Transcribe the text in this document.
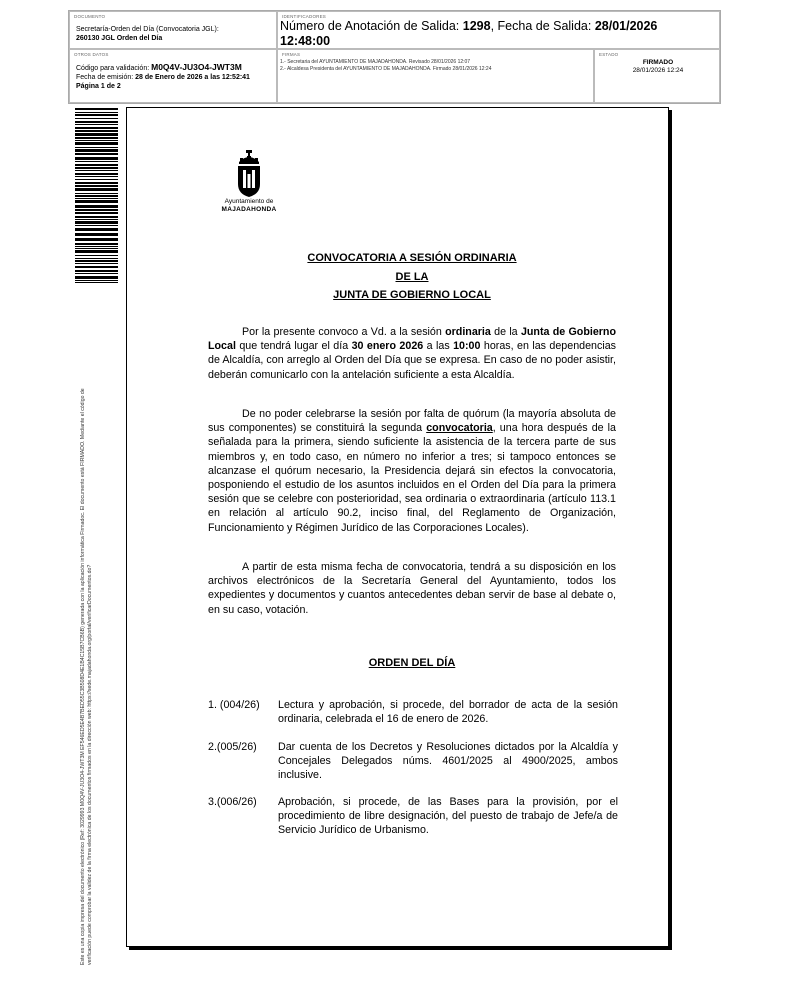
DOCUMENTO
Secretaría-Orden del Día (Convocatoria JGL):
260130 JGL Orden del Día
IDENTIFICADORES
Número de Anotación de Salida: 1298, Fecha de Salida: 28/01/2026
12:48:00
OTROS DATOS
Código para validación: M0Q4V-JU3O4-JWT3M
Fecha de emisión: 28 de Enero de 2026 a las 12:52:41
Página 1 de 2
FIRMAS
1.- Secretaria del AYUNTAMIENTO DE MAJADAHONDA. Revisado 28/01/2026 12:07
2.- Alcaldesa Presidenta del AYUNTAMIENTO DE MAJADAHONDA. Firmado 28/01/2026 12:24
ESTADO
FIRMADO
28/01/2026 12:24
Este es una copia impresa del documento electrónico (Ref: 3029993 M0Q4V-JU3O4-JWT3M EF546ED5E4B7BED55C3B508D4E1B4C15B7CB6B) generada con la aplicación informática Firmadoc. El documento está FIRMADO. Mediante el código de verificación puede comprobar la validez de la firma electrónica de los documentos firmados en la dirección web: https://sede.majadahonda.org/portal/verificarDocumentos.do?
Ayuntamiento de
MAJADAHONDA
CONVOCATORIA A SESIÓN ORDINARIA
DE LA
JUNTA DE GOBIERNO LOCAL
Por la presente convoco a Vd. a la sesión ordinaria de la Junta de Gobierno Local que tendrá lugar el día 30 enero 2026 a las 10:00 horas, en las dependencias de Alcaldía, con arreglo al Orden del Día que se expresa. En caso de no poder asistir, deberán comunicarlo con la antelación suficiente a esta Alcaldía.
De no poder celebrarse la sesión por falta de quórum (la mayoría absoluta de sus componentes) se constituirá la segunda convocatoria, una hora después de la señalada para la primera, siendo suficiente la asistencia de la tercera parte de sus miembros y, en todo caso, en número no inferior a tres; si tampoco entonces se alcanzase el quórum necesario, la Presidencia dejará sin efectos la convocatoria, posponiendo el estudio de los asuntos incluidos en el Orden del Día para la primera sesión que se celebre con posterioridad, sea ordinaria o extraordinaria (artículo 113.1 en relación al artículo 90.2, inciso final, del Reglamento de Organización, Funcionamiento y Régimen Jurídico de las Corporaciones Locales).
A partir de esta misma fecha de convocatoria, tendrá a su disposición en los archivos electrónicos de la Secretaría General del Ayuntamiento, todos los expedientes y documentos y cuantos antecedentes deban servir de base al debate o, en su caso, votación.
ORDEN DEL DÍA
1. (004/26) Lectura y aprobación, si procede, del borrador de acta de la sesión ordinaria, celebrada el 16 de enero de 2026.
2.(005/26) Dar cuenta de los Decretos y Resoluciones dictados por la Alcaldía y Concejales Delegados núms. 4601/2025 al 4900/2025, ambos inclusive.
3.(006/26) Aprobación, si procede, de las Bases para la provisión, por el procedimiento de libre designación, del puesto de trabajo de Jefe/a de Servicio Jurídico de Urbanismo.
